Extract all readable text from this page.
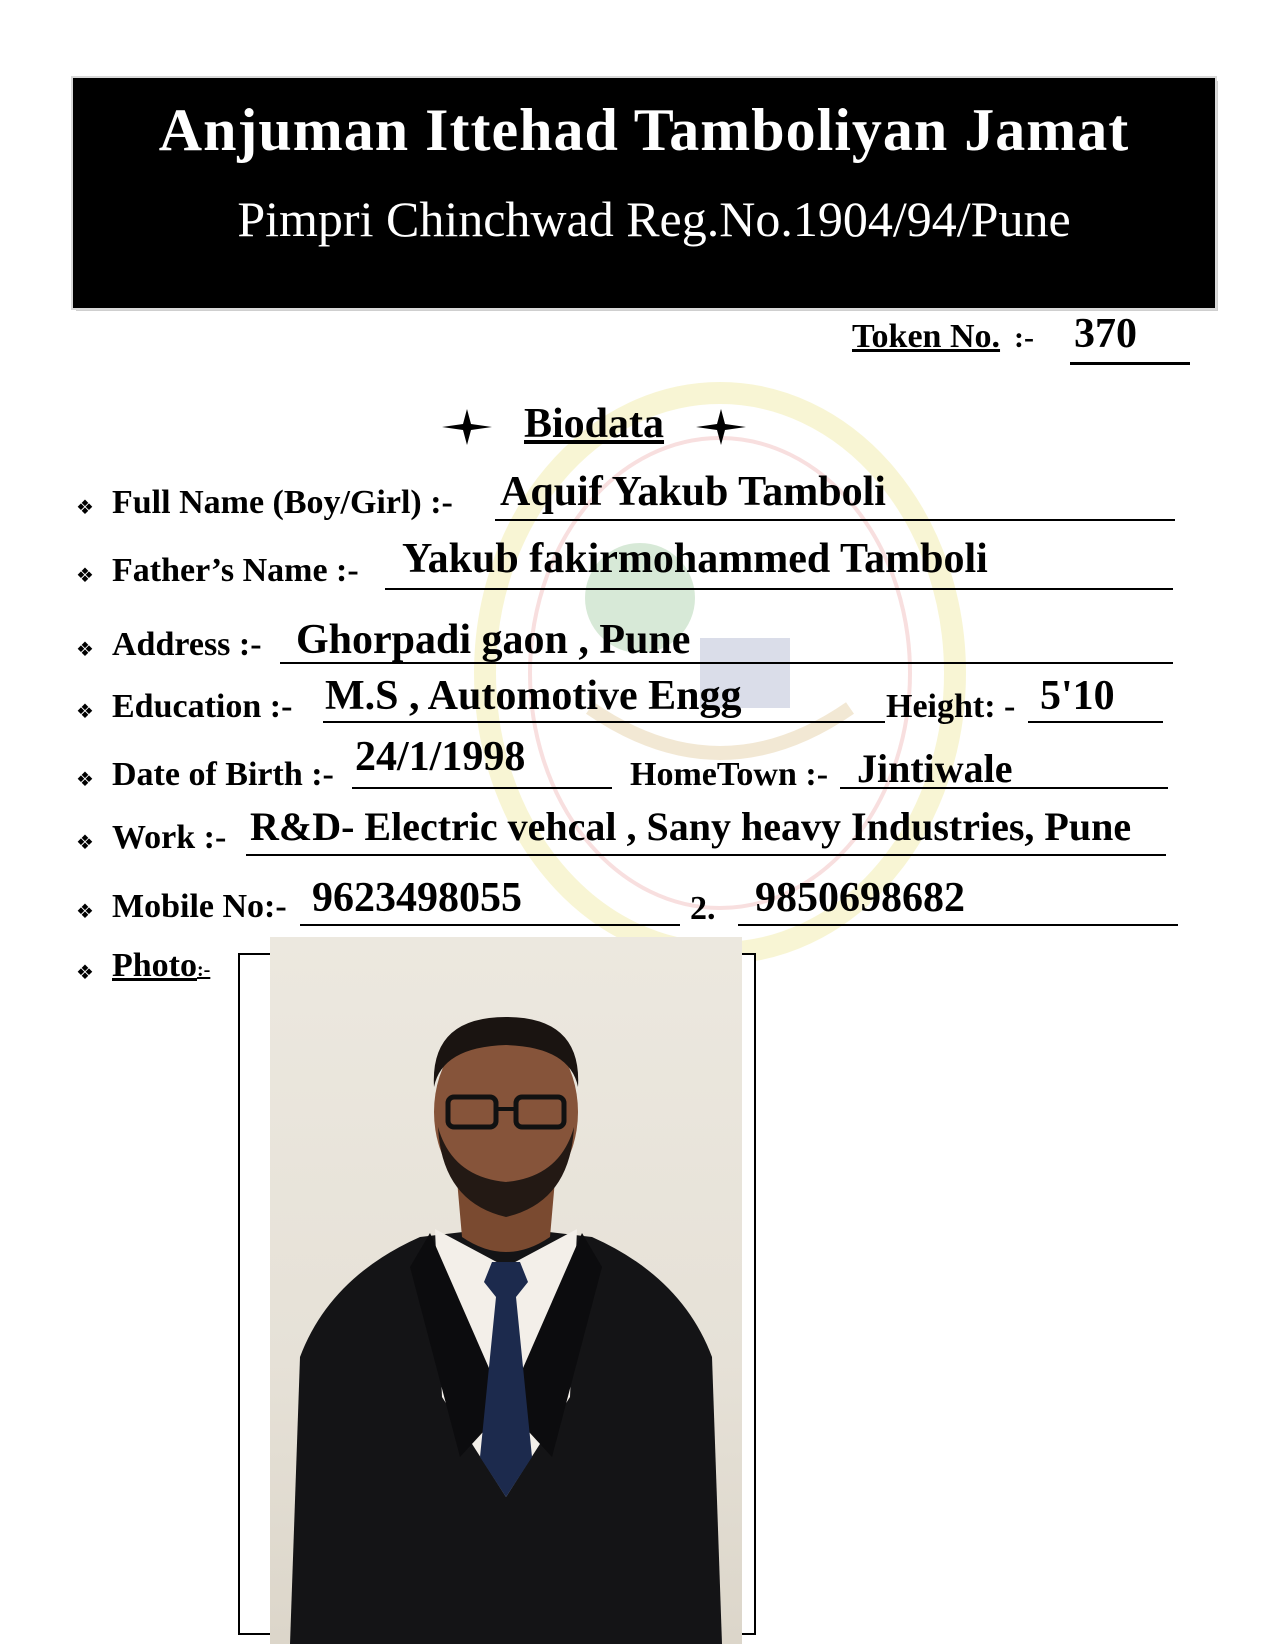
Anjuman Ittehad Tamboliyan Jamat
Pimpri Chinchwad Reg.No.1904/94/Pune
Token No. :- 370
Biodata
❖ Full Name (Boy/Girl) :- Aquif Yakub Tamboli
❖ Father’s Name :- Yakub fakirmohammed Tamboli
❖ Address :- Ghorpadi gaon , Pune
❖ Education :- M.S , Automotive Engg	Height: - 5'10
❖ Date of Birth :- 24/1/1998	HomeTown :- Jintiwale
❖ Work :- R&D- Electric vehcal , Sany heavy Industries, Pune
❖ Mobile No:- 9623498055	2. 9850698682
❖ Photo:-
